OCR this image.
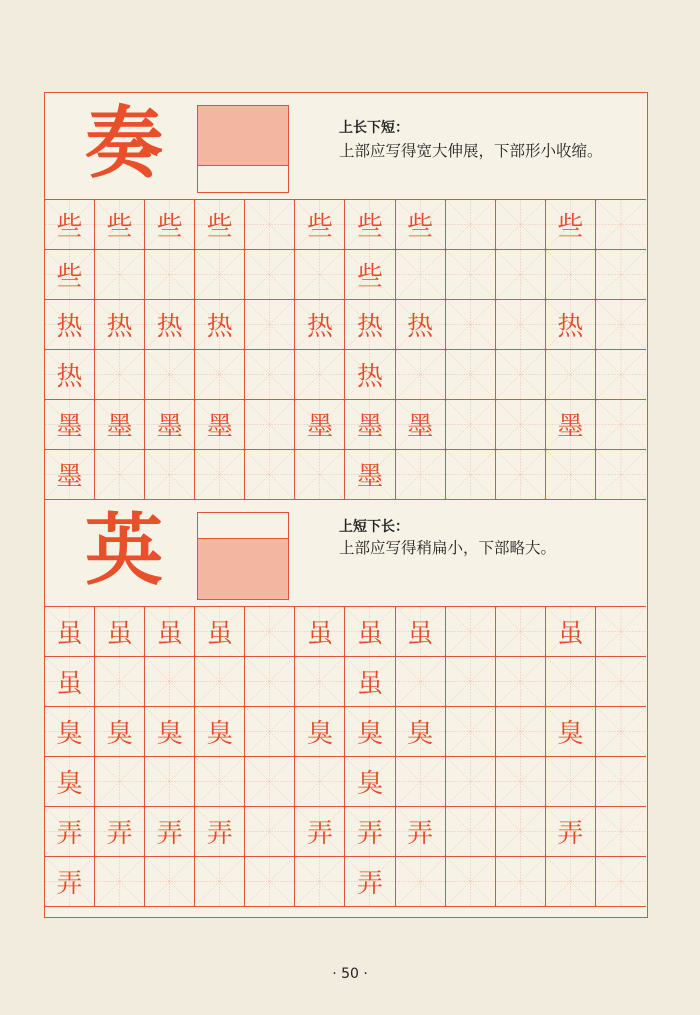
奏	上长下短：
上部应写得宽大伸展，下部形小收缩。
些 些 些 些	些 些 些	些
些	些
热 热 热 热	热 热 热	热
热	热
墨 墨 墨 墨	墨 墨 墨	墨
墨	墨
英	上短下长：
上部应写得稍扁小，下部略大。
虽 虽 虽 虽	虽 虽 虽	虽
虽	虽
臭 臭 臭 臭	臭 臭 臭	臭
臭	臭
弄 弄 弄 弄	弄 弄 弄	弄
弄	弄
· 50 ·
